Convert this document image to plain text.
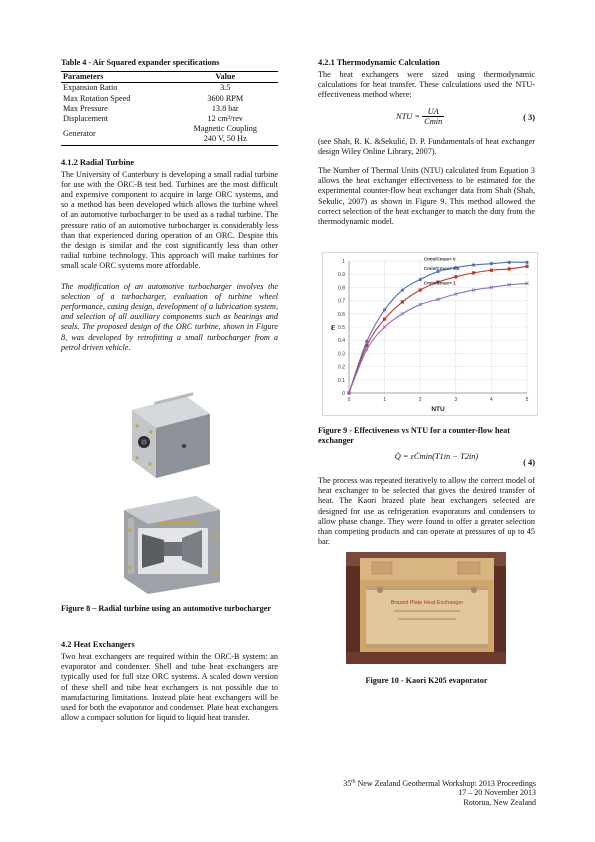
Table 4 - Air Squared expander specifications
Parameters	Value
Expansion Ratio	3.5
Max Rotation Speed	3600 RPM
Max Pressure	13.8 bar
Displacement	12 cm³/rev
Generator	Magnetic Coupling
240 V, 50 Hz
4.1.2 Radial Turbine

The University of Canterbury is developing a small radial turbine for use with the ORC-B test bed. Turbines are the most difficult and expensive component to acquire in large ORC systems, and so a method has been developed which allows the turbine wheel of an automotive turbocharger to be used as a radial turbine. The pressure ratio of an automotive turbocharger is considerably less than that experienced during operation of an ORC. Despite this the design is similar and the cost significantly less than other radial turbine technology. This approach will make turbines for small scale ORC systems more affordable.

The modification of an automotive turbocharger involves the selection of a turbocharger, evaluation of turbine wheel performance, casing design, development of a lubrication system, and selection of all auxiliary components such as bearings and seals. The proposed design of the ORC turbine, shown in Figure 8, was developed by retrofitting a small turbocharger from a petrol driven vehicle.

Figure 8 – Radial turbine using an automotive turbocharger
4.2 Heat Exchangers

Two heat exchangers are required within the ORC-B system: an evaporator and condenser. Shell and tube heat exchangers are typically used for full size ORC systems. A scaled down version of these shell and tube heat exchangers is not possible due to manufacturing limitations. Instead plate heat exchangers will be used for both the evaporator and condenser. Plate heat exchangers allow a compact solution for liquid to liquid heat transfer.

4.2.1 Thermodynamic Calculation

The heat exchangers were sized using thermodynamic calculations for heat transfer. These calculations used the NTU-effectiveness method where:

NTU = $\frac{UA}{Cmin}$	( 3)

(see Shah, R. K. &Sekulić, D. P. Fundamentals of heat exchanger design Wiley Online Library, 2007).

The Number of Thermal Units (NTU) calculated from Equation 3 allows the heat exchanger effectiveness to be estimated for the experimental counter-flow heat exchanger data from Shah (Shah, Sekulic, 2007) as shown in Figure 9. This method allowed the correct selection of the heat exchanger to match the duty from the thermodynamic model.

0
0.1
0.2
0.3
0.4
0.5
0.6
0.7
0.8
0.9
1
0	1	2	3	4	5
NTU
ε
Cmin/Cmax= 0
Cmin/Cmax= 0.5
Cmin/Cmax= 1
Figure 9 - Effectiveness vs NTU for a counter-flow heat exchanger
Q̇ = εĊmin(T1in − T2in)
( 4)

The process was repeated iteratively to allow the correct model of heat exchanger to be selected that gives the desired transfer of heat. The Kaori brazed plate heat exchangers selected are designed for use as refrigeration evaporators and condensers to allow phase change. They were found to offer a greater selection than competing products and can operate at pressures of up to 45 bar.

Brazed Plate Heat Exchanger
Figure 10 - Kaori K205 evaporator
35th New Zealand Geothermal Workshop: 2013 Proceedings
17 – 20 November 2013
Rotorua, New Zealand
